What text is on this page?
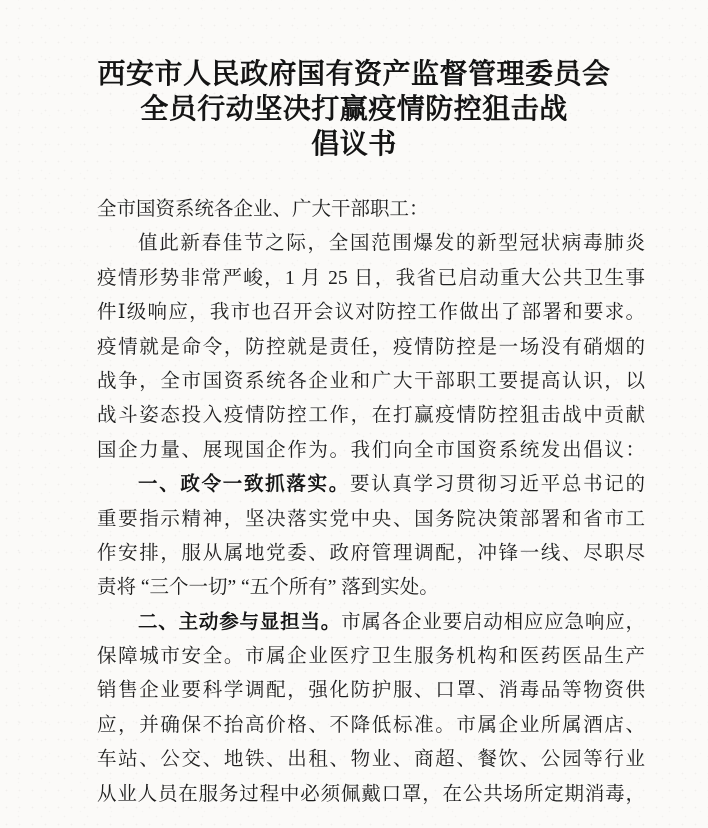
西安市人民政府国有资产监督管理委员会
全员行动坚决打赢疫情防控狙击战
倡议书
全市国资系统各企业、广大干部职工：
值此新春佳节之际，全国范围爆发的新型冠状病毒肺炎
疫情形势非常严峻，1 月 25 日，我省已启动重大公共卫生事
件Ⅰ级响应，我市也召开会议对防控工作做出了部署和要求。
疫情就是命令，防控就是责任，疫情防控是一场没有硝烟的
战争，全市国资系统各企业和广大干部职工要提高认识，以
战斗姿态投入疫情防控工作，在打赢疫情防控狙击战中贡献
国企力量、展现国企作为。我们向全市国资系统发出倡议：
一、政令一致抓落实。要认真学习贯彻习近平总书记的
重要指示精神，坚决落实党中央、国务院决策部署和省市工
作安排，服从属地党委、政府管理调配，冲锋一线、尽职尽
责将 “三个一切” “五个所有” 落到实处。
二、主动参与显担当。市属各企业要启动相应应急响应，
保障城市安全。市属企业医疗卫生服务机构和医药医品生产
销售企业要科学调配，强化防护服、口罩、消毒品等物资供
应，并确保不抬高价格、不降低标准。市属企业所属酒店、
车站、公交、地铁、出租、物业、商超、餐饮、公园等行业
从业人员在服务过程中必须佩戴口罩，在公共场所定期消毒，
